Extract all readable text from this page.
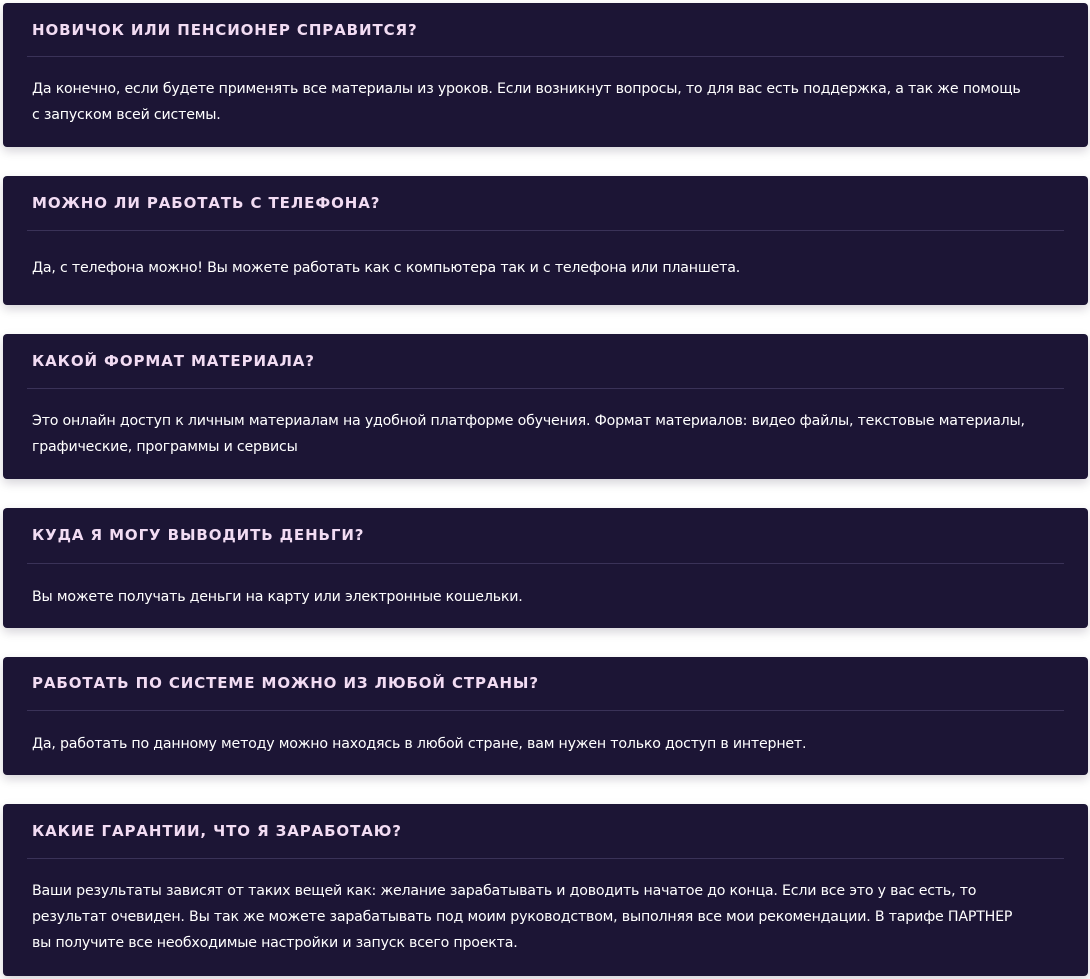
НОВИЧОК ИЛИ ПЕНСИОНЕР СПРАВИТСЯ?

Да конечно, если будете применять все материалы из уроков. Если возникнут вопросы, то для вас есть поддержка, а так же помощь с запуском всей системы.

МОЖНО ЛИ РАБОТАТЬ С ТЕЛЕФОНА?

Да, с телефона можно! Вы можете работать как с компьютера так и с телефона или планшета.

КАКОЙ ФОРМАТ МАТЕРИАЛА?

Это онлайн доступ к личным материалам на удобной платформе обучения. Формат материалов: видео файлы, текстовые материалы, графические, программы и сервисы

КУДА Я МОГУ ВЫВОДИТЬ ДЕНЬГИ?

Вы можете получать деньги на карту или электронные кошельки.

РАБОТАТЬ ПО СИСТЕМЕ МОЖНО ИЗ ЛЮБОЙ СТРАНЫ?

Да, работать по данному методу можно находясь в любой стране, вам нужен только доступ в интернет.

КАКИЕ ГАРАНТИИ, ЧТО Я ЗАРАБОТАЮ?

Ваши результаты зависят от таких вещей как: желание зарабатывать и доводить начатое до конца. Если все это у вас есть, то результат очевиден. Вы так же можете зарабатывать под моим руководством, выполняя все мои рекомендации. В тарифе ПАРТНЕР вы получите все необходимые настройки и запуск всего проекта.
